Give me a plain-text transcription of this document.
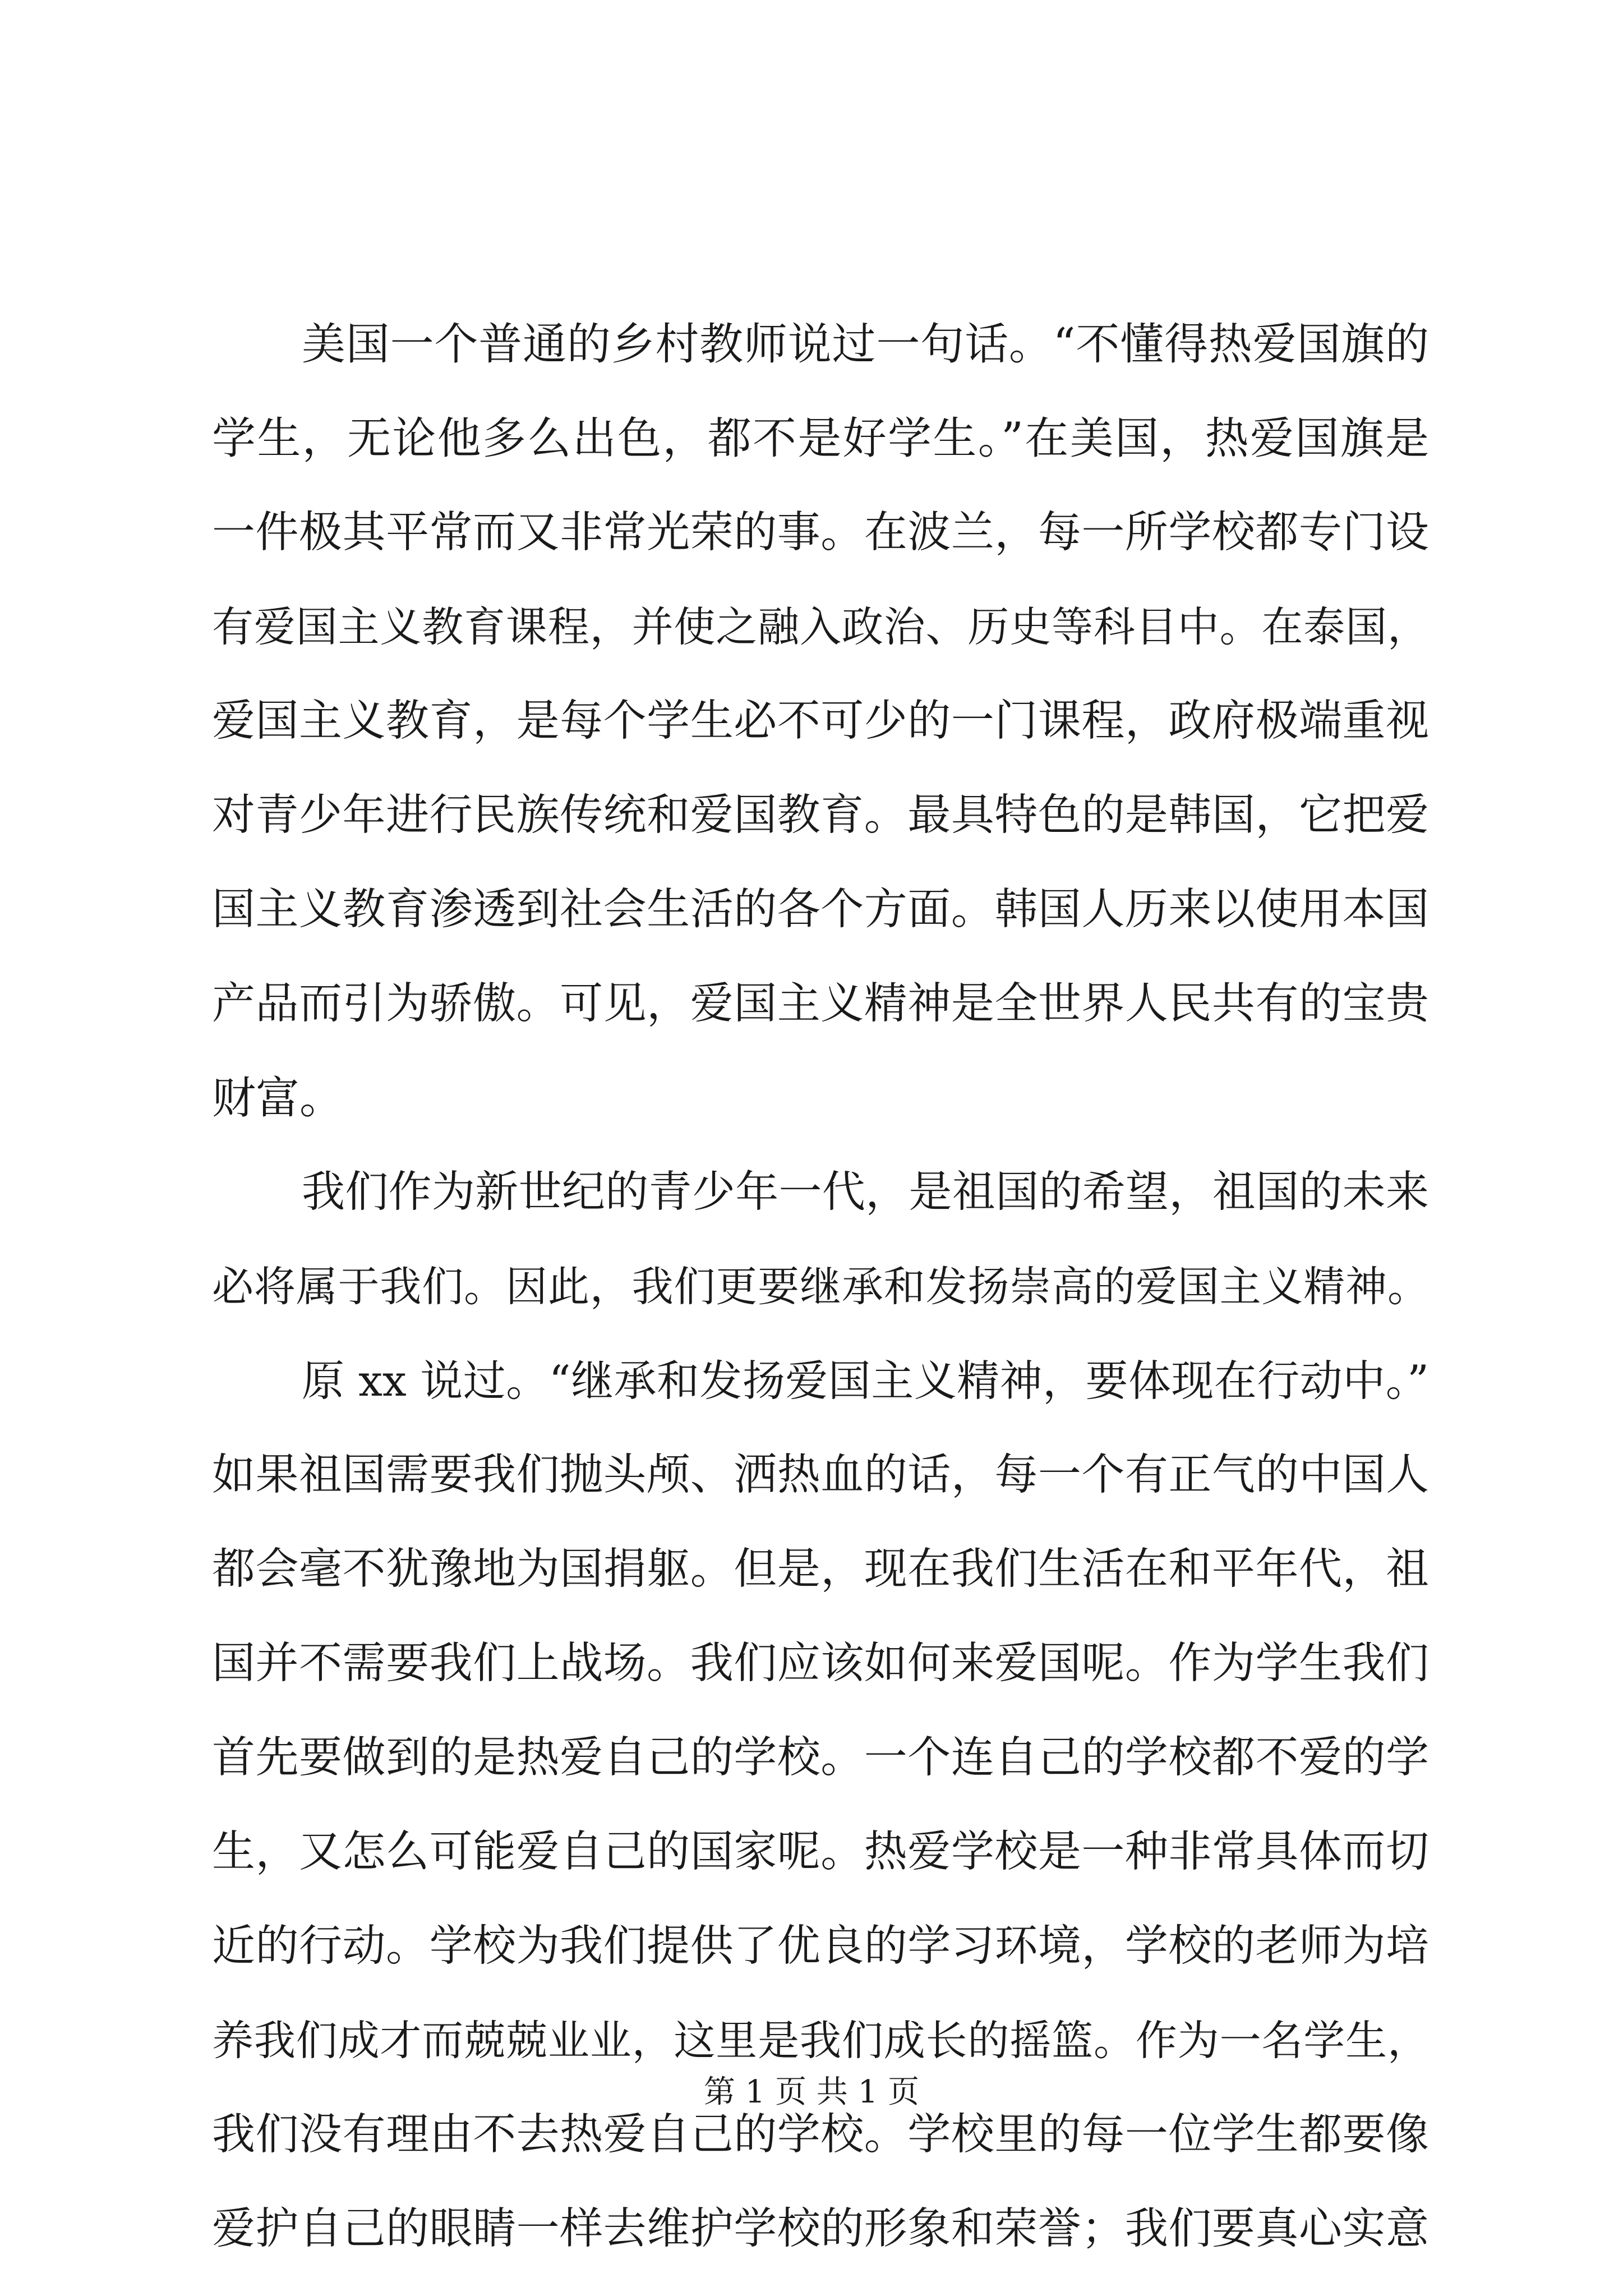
美国一个普通的乡村教师说过一句话。“不懂得热爱国旗的
学生，无论他多么出色，都不是好学生。”在美国，热爱国旗是
一件极其平常而又非常光荣的事。在波兰，每一所学校都专门设
有爱国主义教育课程，并使之融入政治、历史等科目中。在泰国，
爱国主义教育，是每个学生必不可少的一门课程，政府极端重视
对青少年进行民族传统和爱国教育。最具特色的是韩国，它把爱
国主义教育渗透到社会生活的各个方面。韩国人历来以使用本国
产品而引为骄傲。可见，爱国主义精神是全世界人民共有的宝贵
财富。
我们作为新世纪的青少年一代，是祖国的希望，祖国的未来
必将属于我们。因此，我们更要继承和发扬崇高的爱国主义精神。
原 xx 说过。“继承和发扬爱国主义精神，要体现在行动中。”
如果祖国需要我们抛头颅、洒热血的话，每一个有正气的中国人
都会毫不犹豫地为国捐躯。但是，现在我们生活在和平年代，祖
国并不需要我们上战场。我们应该如何来爱国呢。作为学生我们
首先要做到的是热爱自己的学校。一个连自己的学校都不爱的学
生，又怎么可能爱自己的国家呢。热爱学校是一种非常具体而切
近的行动。学校为我们提供了优良的学习环境，学校的老师为培
养我们成才而兢兢业业，这里是我们成长的摇篮。作为一名学生，
我们没有理由不去热爱自己的学校。学校里的每一位学生都要像
爱护自己的眼睛一样去维护学校的形象和荣誉；我们要真心实意
第 1 页 共 1 页
